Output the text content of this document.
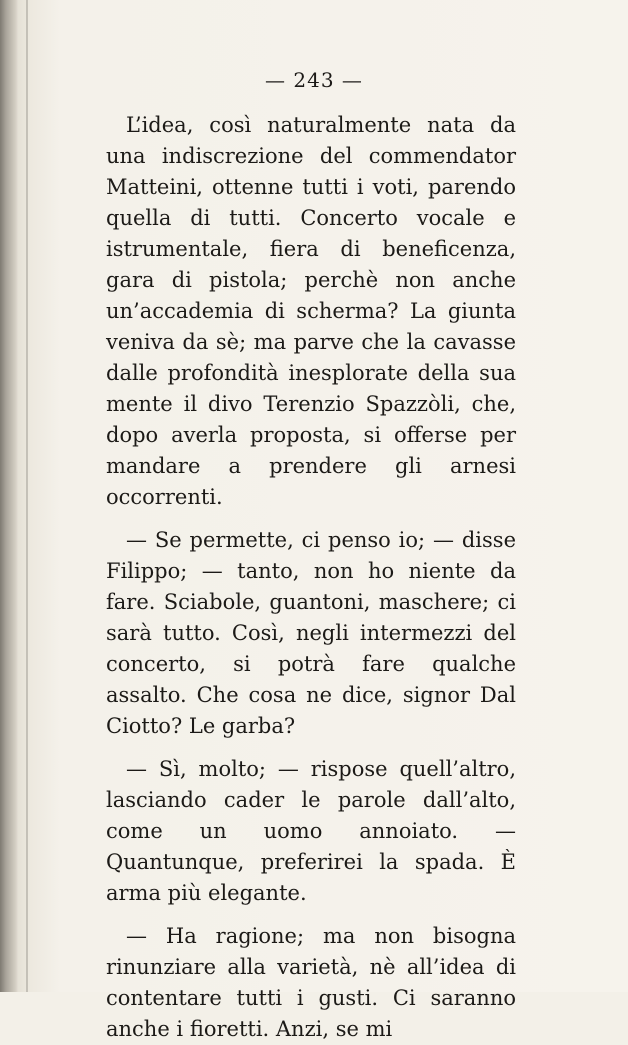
— 243 —

L’idea, così naturalmente nata da una indiscrezione del commendator Matteini, ottenne tutti i voti, parendo quella di tutti. Concerto vocale e istrumentale, fiera di beneficenza, gara di pistola; perchè non anche un’accademia di scherma? La giunta veniva da sè; ma parve che la cavasse dalle profondità inesplorate della sua mente il divo Terenzio Spazzòli, che, dopo averla proposta, si offerse per mandare a prendere gli arnesi occorrenti.

— Se permette, ci penso io; — disse Filippo; — tanto, non ho niente da fare. Sciabole, guantoni, maschere; ci sarà tutto. Così, negli intermezzi del concerto, si potrà fare qualche assalto. Che cosa ne dice, signor Dal Ciotto? Le garba?

— Sì, molto; — rispose quell’altro, lasciando cader le parole dall’alto, come un uomo annoiato. — Quantunque, preferirei la spada. È arma più elegante.

— Ha ragione; ma non bisogna rinunziare alla varietà, nè all’idea di contentare tutti i gusti. Ci saranno anche i fioretti. Anzi, se mi
